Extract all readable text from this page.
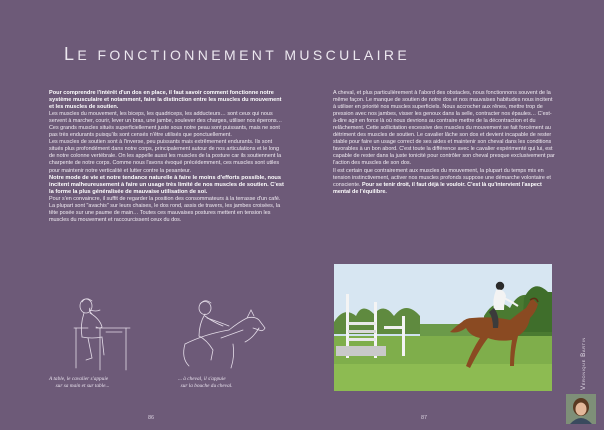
LE FONCTIONNEMENT MUSCULAIRE

Pour comprendre l'intérêt d'un dos en place, il faut savoir comment fonctionne notre système musculaire et notamment, faire la distinction entre les muscles du mouvement et les muscles de soutien.

Les muscles du mouvement, les biceps, les quadriceps, les adducteurs… sont ceux qui nous servent à marcher, courir, lever un bras, une jambe, soulever des charges, utiliser nos éperons… Ces grands muscles situés superficiellement juste sous notre peau sont puissants, mais ne sont pas très endurants puisqu'ils sont censés n'être utilisés que ponctuellement.

Les muscles de soutien sont à l'inverse, peu puissants mais extrêmement endurants. Ils sont situés plus profondément dans notre corps, principalement autour de nos articulations et le long de notre colonne vertébrale. On les appelle aussi les muscles de la posture car ils soutiennent la charpente de notre corps. Comme nous l'avons évoqué précédemment, ces muscles sont utiles pour maintenir notre verticalité et lutter contre la pesanteur.

Notre mode de vie et notre tendance naturelle à faire le moins d'efforts possible, nous incitent malheureusement à faire un usage très limité de nos muscles de soutien. C'est la forme la plus généralisée de mauvaise utilisation de soi.

Pour s'en convaincre, il suffit de regarder la position des consommateurs à la terrasse d'un café. La plupart sont "avachis" sur leurs chaises, le dos rond, assis de travers, les jambes croisées, la tête posée sur une paume de main… Toutes ces mauvaises postures mettent en tension les muscles du mouvement et raccourcissent ceux du dos.

A table, le cavalier s'appuie
sur sa main et sur table...
... à cheval, il s'appuie
sur la bouche du cheval.
86

A cheval, et plus particulièrement à l'abord des obstacles, nous fonctionnons souvent de la même façon. Le manque de soutien de notre dos et nos mauvaises habitudes nous incitent à utiliser en priorité nos muscles superficiels. Nous accrocher aux rênes, mettre trop de pression avec nos jambes, visser les genoux dans la selle, contracter nos épaules… C'est-à-dire agir en force là où nous devrions au contraire mettre de la décontraction et du relâchement. Cette sollicitation excessive des muscles du mouvement se fait forcément au détriment des muscles de soutien. Le cavalier lâche son dos et devient incapable de rester stable pour faire un usage correct de ses aides et maintenir son cheval dans les conditions favorables à un bon abord. C'est toute la différence avec le cavalier expérimenté qui lui, est capable de rester dans la juste tonicité pour contrôler son cheval presque exclusivement par l'action des muscles de son dos.

Il est certain que contrairement aux muscles du mouvement, la plupart du temps mis en tension instinctivement, activer nos muscles profonds suppose une démarche volontaire et consciente. Pour se tenir droit, il faut déjà le vouloir. C'est là qu'intervient l'aspect mental de l'équilibre.

87
Véronique Bartin
